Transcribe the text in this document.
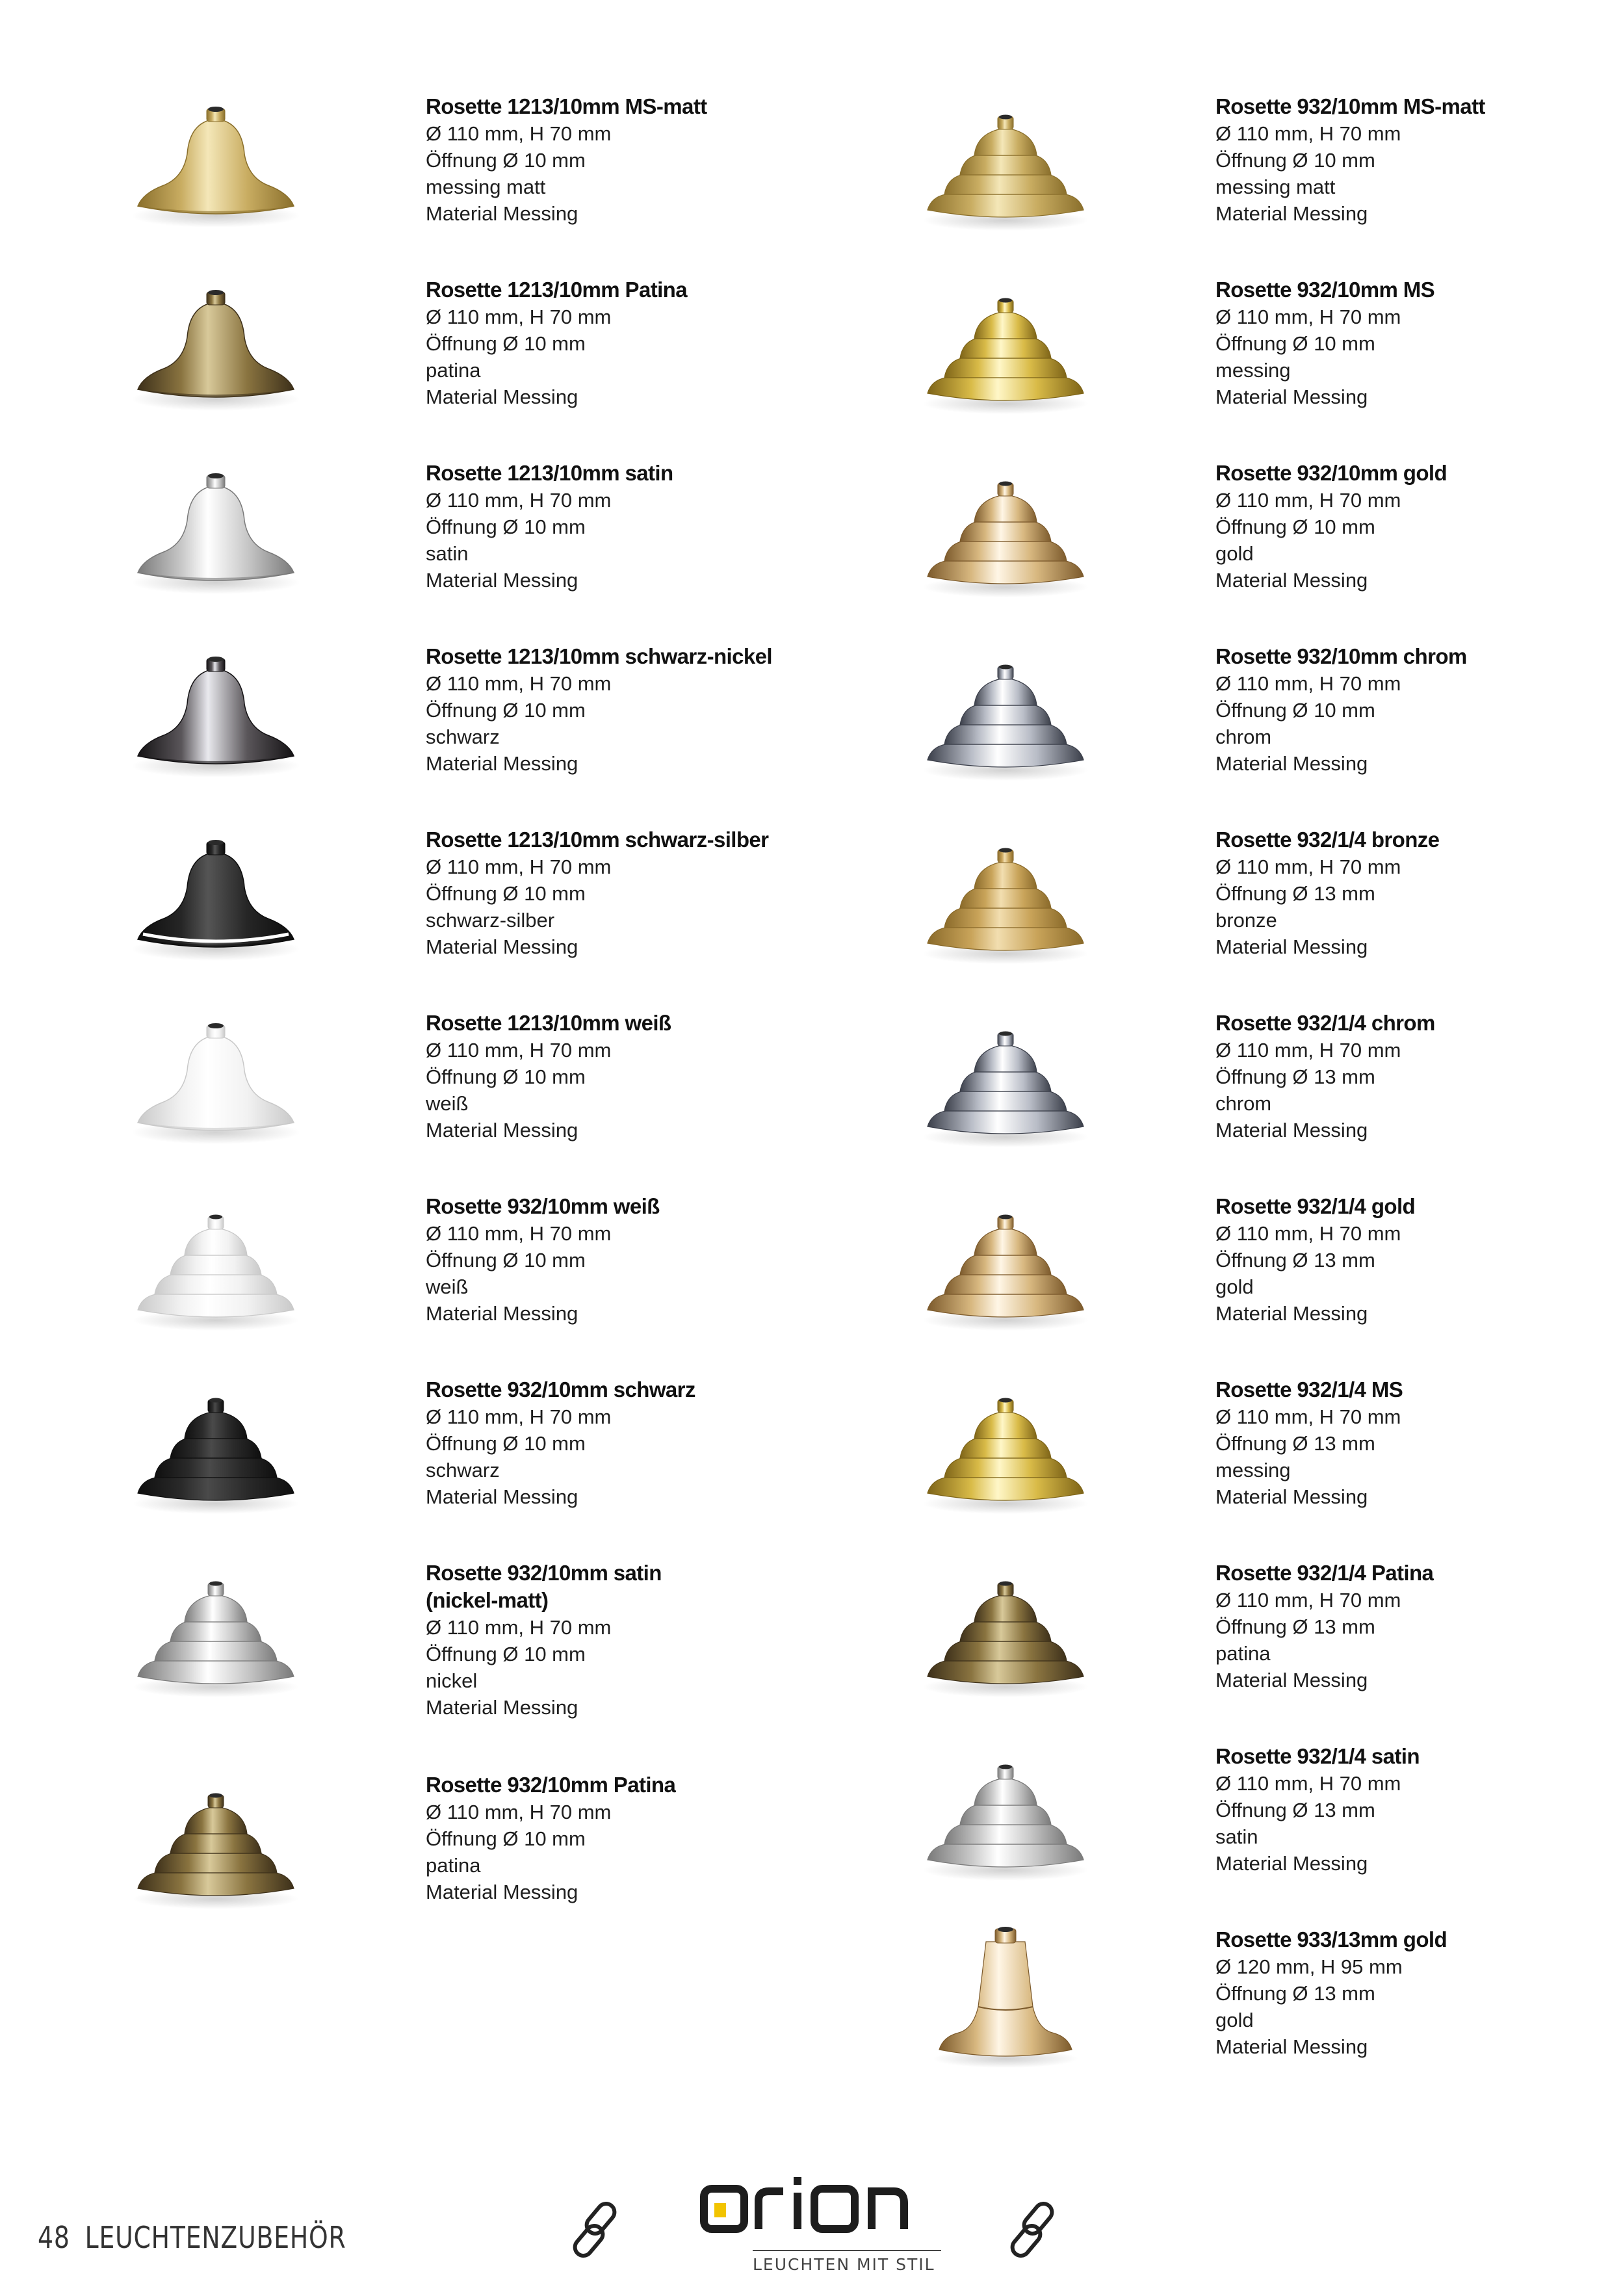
Rosette 1213/10mm MS-matt
Ø 110 mm, H 70 mm
Öffnung Ø 10 mm
messing matt
Material Messing
Rosette 1213/10mm Patina
Ø 110 mm, H 70 mm
Öffnung Ø 10 mm
patina
Material Messing
Rosette 1213/10mm satin
Ø 110 mm, H 70 mm
Öffnung Ø 10 mm
satin
Material Messing
Rosette 1213/10mm schwarz-nickel
Ø 110 mm, H 70 mm
Öffnung Ø 10 mm
schwarz
Material Messing
Rosette 1213/10mm schwarz-silber
Ø 110 mm, H 70 mm
Öffnung Ø 10 mm
schwarz-silber
Material Messing
Rosette 1213/10mm weiß
Ø 110 mm, H 70 mm
Öffnung Ø 10 mm
weiß
Material Messing
Rosette 932/10mm weiß
Ø 110 mm, H 70 mm
Öffnung Ø 10 mm
weiß
Material Messing
Rosette 932/10mm schwarz
Ø 110 mm, H 70 mm
Öffnung Ø 10 mm
schwarz
Material Messing
Rosette 932/10mm satin
(nickel-matt)
Ø 110 mm, H 70 mm
Öffnung Ø 10 mm
nickel
Material Messing
Rosette 932/10mm Patina
Ø 110 mm, H 70 mm
Öffnung Ø 10 mm
patina
Material Messing
Rosette 932/10mm MS-matt
Ø 110 mm, H 70 mm
Öffnung Ø 10 mm
messing matt
Material Messing
Rosette 932/10mm MS
Ø 110 mm, H 70 mm
Öffnung Ø 10 mm
messing
Material Messing
Rosette 932/10mm gold
Ø 110 mm, H 70 mm
Öffnung Ø 10 mm
gold
Material Messing
Rosette 932/10mm chrom
Ø 110 mm, H 70 mm
Öffnung Ø 10 mm
chrom
Material Messing
Rosette 932/1/4 bronze
Ø 110 mm, H 70 mm
Öffnung Ø 13 mm
bronze
Material Messing
Rosette 932/1/4 chrom
Ø 110 mm, H 70 mm
Öffnung Ø 13 mm
chrom
Material Messing
Rosette 932/1/4 gold
Ø 110 mm, H 70 mm
Öffnung Ø 13 mm
gold
Material Messing
Rosette 932/1/4 MS
Ø 110 mm, H 70 mm
Öffnung Ø 13 mm
messing
Material Messing
Rosette 932/1/4 Patina
Ø 110 mm, H 70 mm
Öffnung Ø 13 mm
patina
Material Messing
Rosette 932/1/4 satin
Ø 110 mm, H 70 mm
Öffnung Ø 13 mm
satin
Material Messing
Rosette 933/13mm gold
Ø 120 mm, H 95 mm
Öffnung Ø 13 mm
gold
Material Messing
48 LEUCHTENZUBEHÖR
LEUCHTEN MIT STIL
